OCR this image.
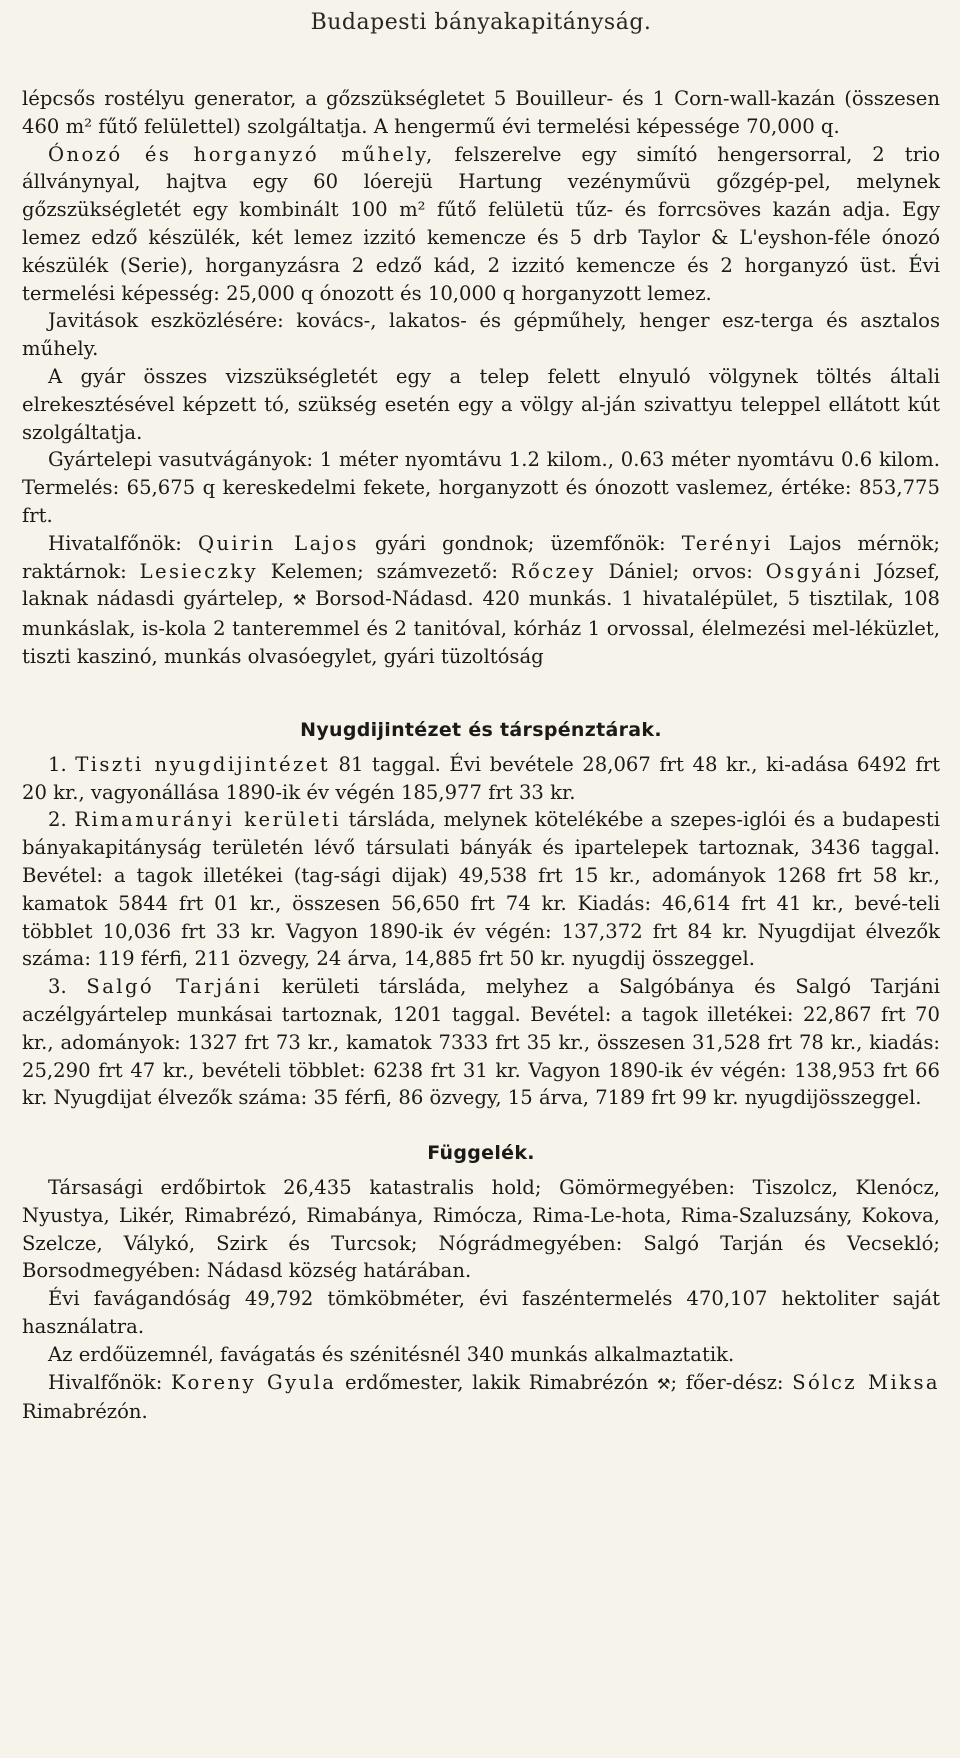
Budapesti bányakapitányság.

lépcsős rostélyu generator, a gőzszükségletet 5 Bouilleur- és 1 Corn-wall-kazán (összesen 460 m² fűtő felülettel) szolgáltatja. A hengermű évi termelési képessége 70,000 q.

Ónozó és horganyzó műhely, felszerelve egy simító hengersorral, 2 trio állványnyal, hajtva egy 60 lóerejü Hartung vezényművü gőzgép-pel, melynek gőzszükségletét egy kombinált 100 m² fűtő felületü tűz- és forrcsöves kazán adja. Egy lemez edző készülék, két lemez izzitó kemencze és 5 drb Taylor & L'eyshon-féle ónozó készülék (Serie), horganyzásra 2 edző kád, 2 izzitó kemencze és 2 horganyzó üst. Évi termelési képesség: 25,000 q ónozott és 10,000 q horganyzott lemez.

Javitások eszközlésére: kovács-, lakatos- és gépműhely, henger esz-terga és asztalos műhely.

A gyár összes vizszükségletét egy a telep felett elnyuló völgynek töltés általi elrekesztésével képzett tó, szükség esetén egy a völgy al-ján szivattyu teleppel ellátott kút szolgáltatja.

Gyártelepi vasutvágányok: 1 méter nyomtávu 1.2 kilom., 0.63 méter nyomtávu 0.6 kilom. Termelés: 65,675 q kereskedelmi fekete, horganyzott és ónozott vaslemez, értéke: 853,775 frt.

Hivatalfőnök: Quirin Lajos gyári gondnok; üzemfőnök: Terényi Lajos mérnök; raktárnok: Lesieczky Kelemen; számvezető: Rőczey Dániel; orvos: Osgyáni József, laknak nádasdi gyártelep, ⚒ Borsod-Nádasd. 420 munkás. 1 hivatalépület, 5 tisztilak, 108 munkáslak, is-kola 2 tanteremmel és 2 tanitóval, kórház 1 orvossal, élelmezési mel-léküzlet, tiszti kaszinó, munkás olvasóegylet, gyári tüzoltóság

Nyugdijintézet és társpénztárak.

1. Tiszti nyugdijintézet 81 taggal. Évi bevétele 28,067 frt 48 kr., ki-adása 6492 frt 20 kr., vagyonállása 1890-ik év végén 185,977 frt 33 kr.

2. Rimamurányi kerületi társláda, melynek kötelékébe a szepes-iglói és a budapesti bányakapitányság területén lévő társulati bányák és ipartelepek tartoznak, 3436 taggal. Bevétel: a tagok illetékei (tag-sági dijak) 49,538 frt 15 kr., adományok 1268 frt 58 kr., kamatok 5844 frt 01 kr., összesen 56,650 frt 74 kr. Kiadás: 46,614 frt 41 kr., bevé-teli többlet 10,036 frt 33 kr. Vagyon 1890-ik év végén: 137,372 frt 84 kr. Nyugdijat élvezők száma: 119 férfi, 211 özvegy, 24 árva, 14,885 frt 50 kr. nyugdij összeggel.

3. Salgó Tarjáni kerületi társláda, melyhez a Salgóbánya és Salgó Tarjáni aczélgyártelep munkásai tartoznak, 1201 taggal. Bevétel: a tagok illetékei: 22,867 frt 70 kr., adományok: 1327 frt 73 kr., kamatok 7333 frt 35 kr., összesen 31,528 frt 78 kr., kiadás: 25,290 frt 47 kr., bevételi többlet: 6238 frt 31 kr. Vagyon 1890-ik év végén: 138,953 frt 66 kr. Nyugdijat élvezők száma: 35 férfi, 86 özvegy, 15 árva, 7189 frt 99 kr. nyugdijösszeggel.

Függelék.

Társasági erdőbirtok 26,435 katastralis hold; Gömörmegyében: Tiszolcz, Klenócz, Nyustya, Likér, Rimabrézó, Rimabánya, Rimócza, Rima-Le-hota, Rima-Szaluzsány, Kokova, Szelcze, Válykó, Szirk és Turcsok; Nógrádmegyében: Salgó Tarján és Vecsekló; Borsodmegyében: Nádasd község határában.

Évi favágandóság 49,792 tömköbméter, évi faszéntermelés 470,107 hektoliter saját használatra.

Az erdőüzemnél, favágatás és szénitésnél 340 munkás alkalmaztatik.

Hivalfőnök: Koreny Gyula erdőmester, lakik Rimabrézón ⚒; főer-dész: Sólcz Miksa Rimabrézón.
